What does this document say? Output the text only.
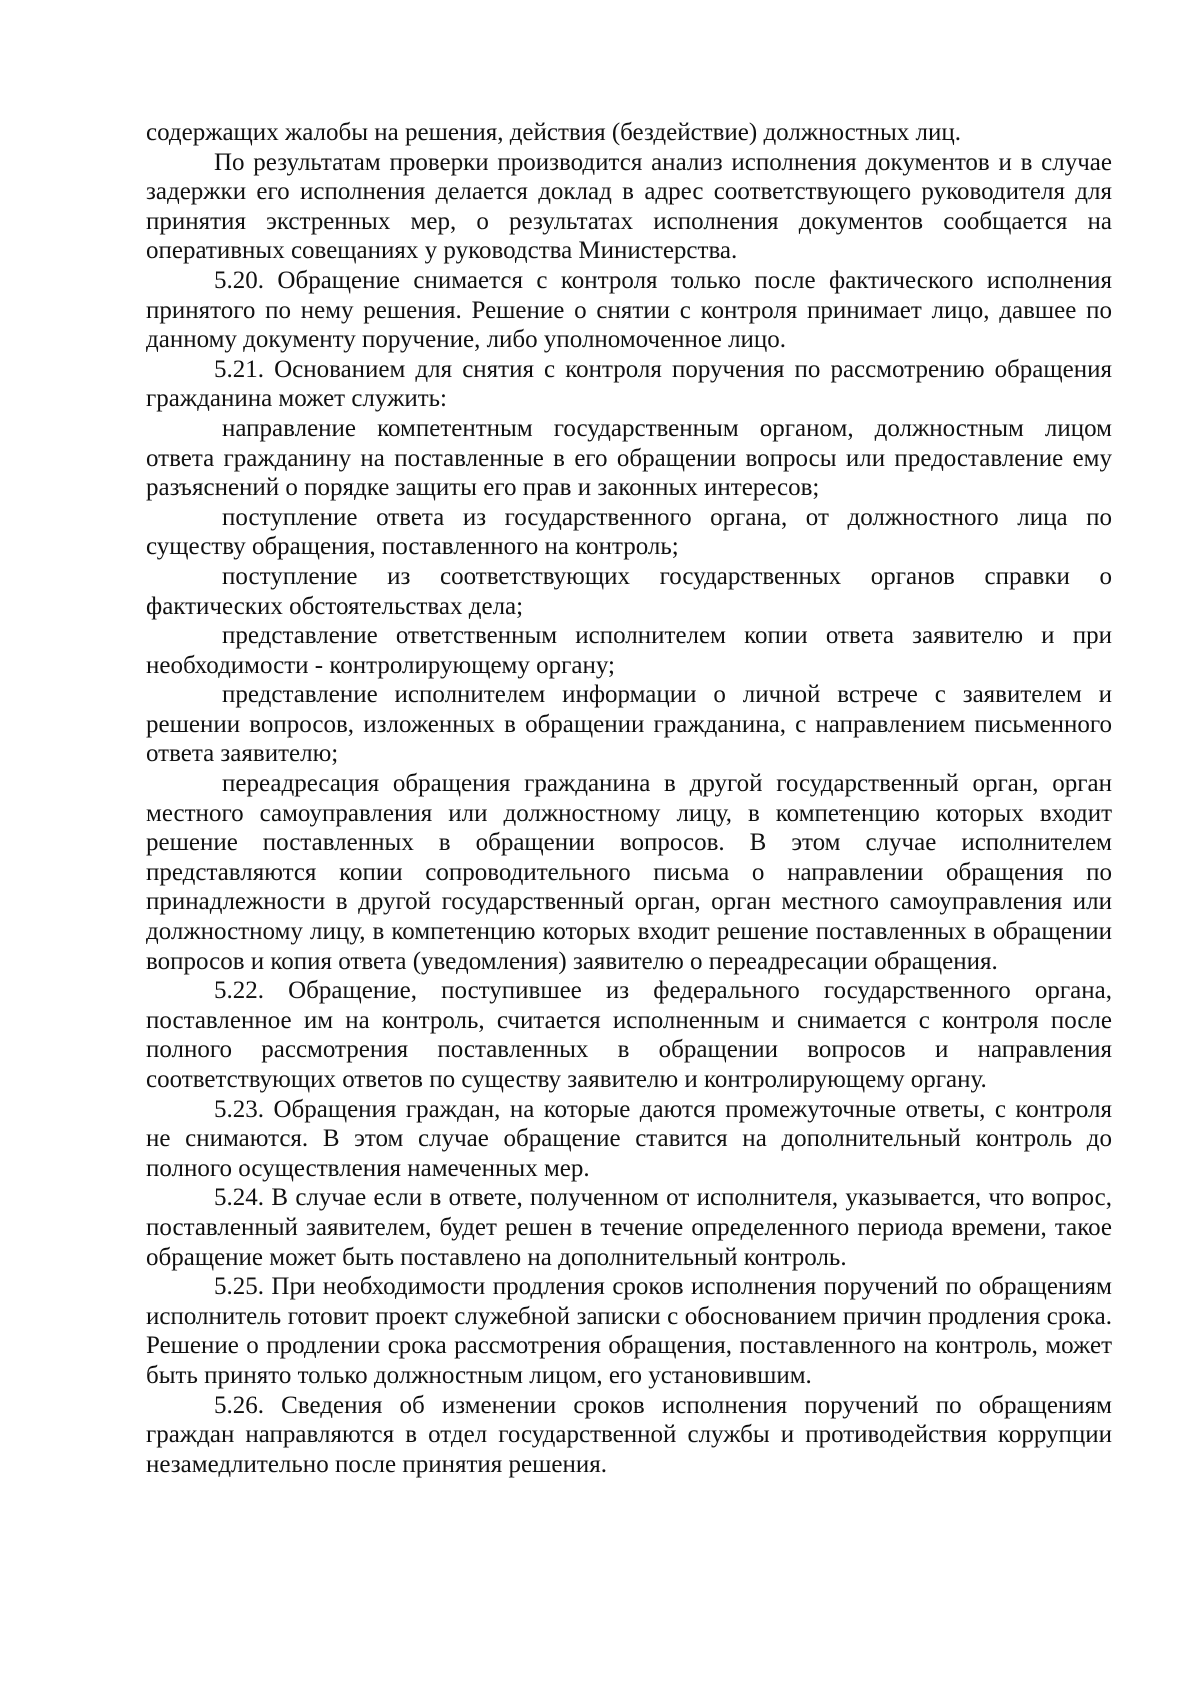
содержащих жалобы на решения, действия (бездействие) должностных лиц.

По результатам проверки производится анализ исполнения документов и в случае задержки его исполнения делается доклад в адрес соответствующего руководителя для принятия экстренных мер, о результатах исполнения документов сообщается на оперативных совещаниях у руководства Министерства.

5.20. Обращение снимается с контроля только после фактического исполнения принятого по нему решения. Решение о снятии с контроля принимает лицо, давшее по данному документу поручение, либо уполномоченное лицо.

5.21. Основанием для снятия с контроля поручения по рассмотрению обращения гражданина может служить:

направление компетентным государственным органом, должностным лицом ответа гражданину на поставленные в его обращении вопросы или предоставление ему разъяснений о порядке защиты его прав и законных интересов;

поступление ответа из государственного органа, от должностного лица по существу обращения, поставленного на контроль;

поступление из соответствующих государственных органов справки о фактических обстоятельствах дела;

представление ответственным исполнителем копии ответа заявителю и при необходимости - контролирующему органу;

представление исполнителем информации о личной встрече с заявителем и решении вопросов, изложенных в обращении гражданина, с направлением письменного ответа заявителю;

переадресация обращения гражданина в другой государственный орган, орган местного самоуправления или должностному лицу, в компетенцию которых входит решение поставленных в обращении вопросов. В этом случае исполнителем представляются копии сопроводительного письма о направлении обращения по принадлежности в другой государственный орган, орган местного самоуправления или должностному лицу, в компетенцию которых входит решение поставленных в обращении вопросов и копия ответа (уведомления) заявителю о переадресации обращения.

5.22. Обращение, поступившее из федерального государственного органа, поставленное им на контроль, считается исполненным и снимается с контроля после полного рассмотрения поставленных в обращении вопросов и направления соответствующих ответов по существу заявителю и контролирующему органу.

5.23. Обращения граждан, на которые даются промежуточные ответы, с контроля не снимаются. В этом случае обращение ставится на дополнительный контроль до полного осуществления намеченных мер.

5.24. В случае если в ответе, полученном от исполнителя, указывается, что вопрос, поставленный заявителем, будет решен в течение определенного периода времени, такое обращение может быть поставлено на дополнительный контроль.

5.25. При необходимости продления сроков исполнения поручений по обращениям исполнитель готовит проект служебной записки с обоснованием причин продления срока. Решение о продлении срока рассмотрения обращения, поставленного на контроль, может быть принято только должностным лицом, его установившим.

5.26. Сведения об изменении сроков исполнения поручений по обращениям граждан направляются в отдел государственной службы и противодействия коррупции незамедлительно после принятия решения.
